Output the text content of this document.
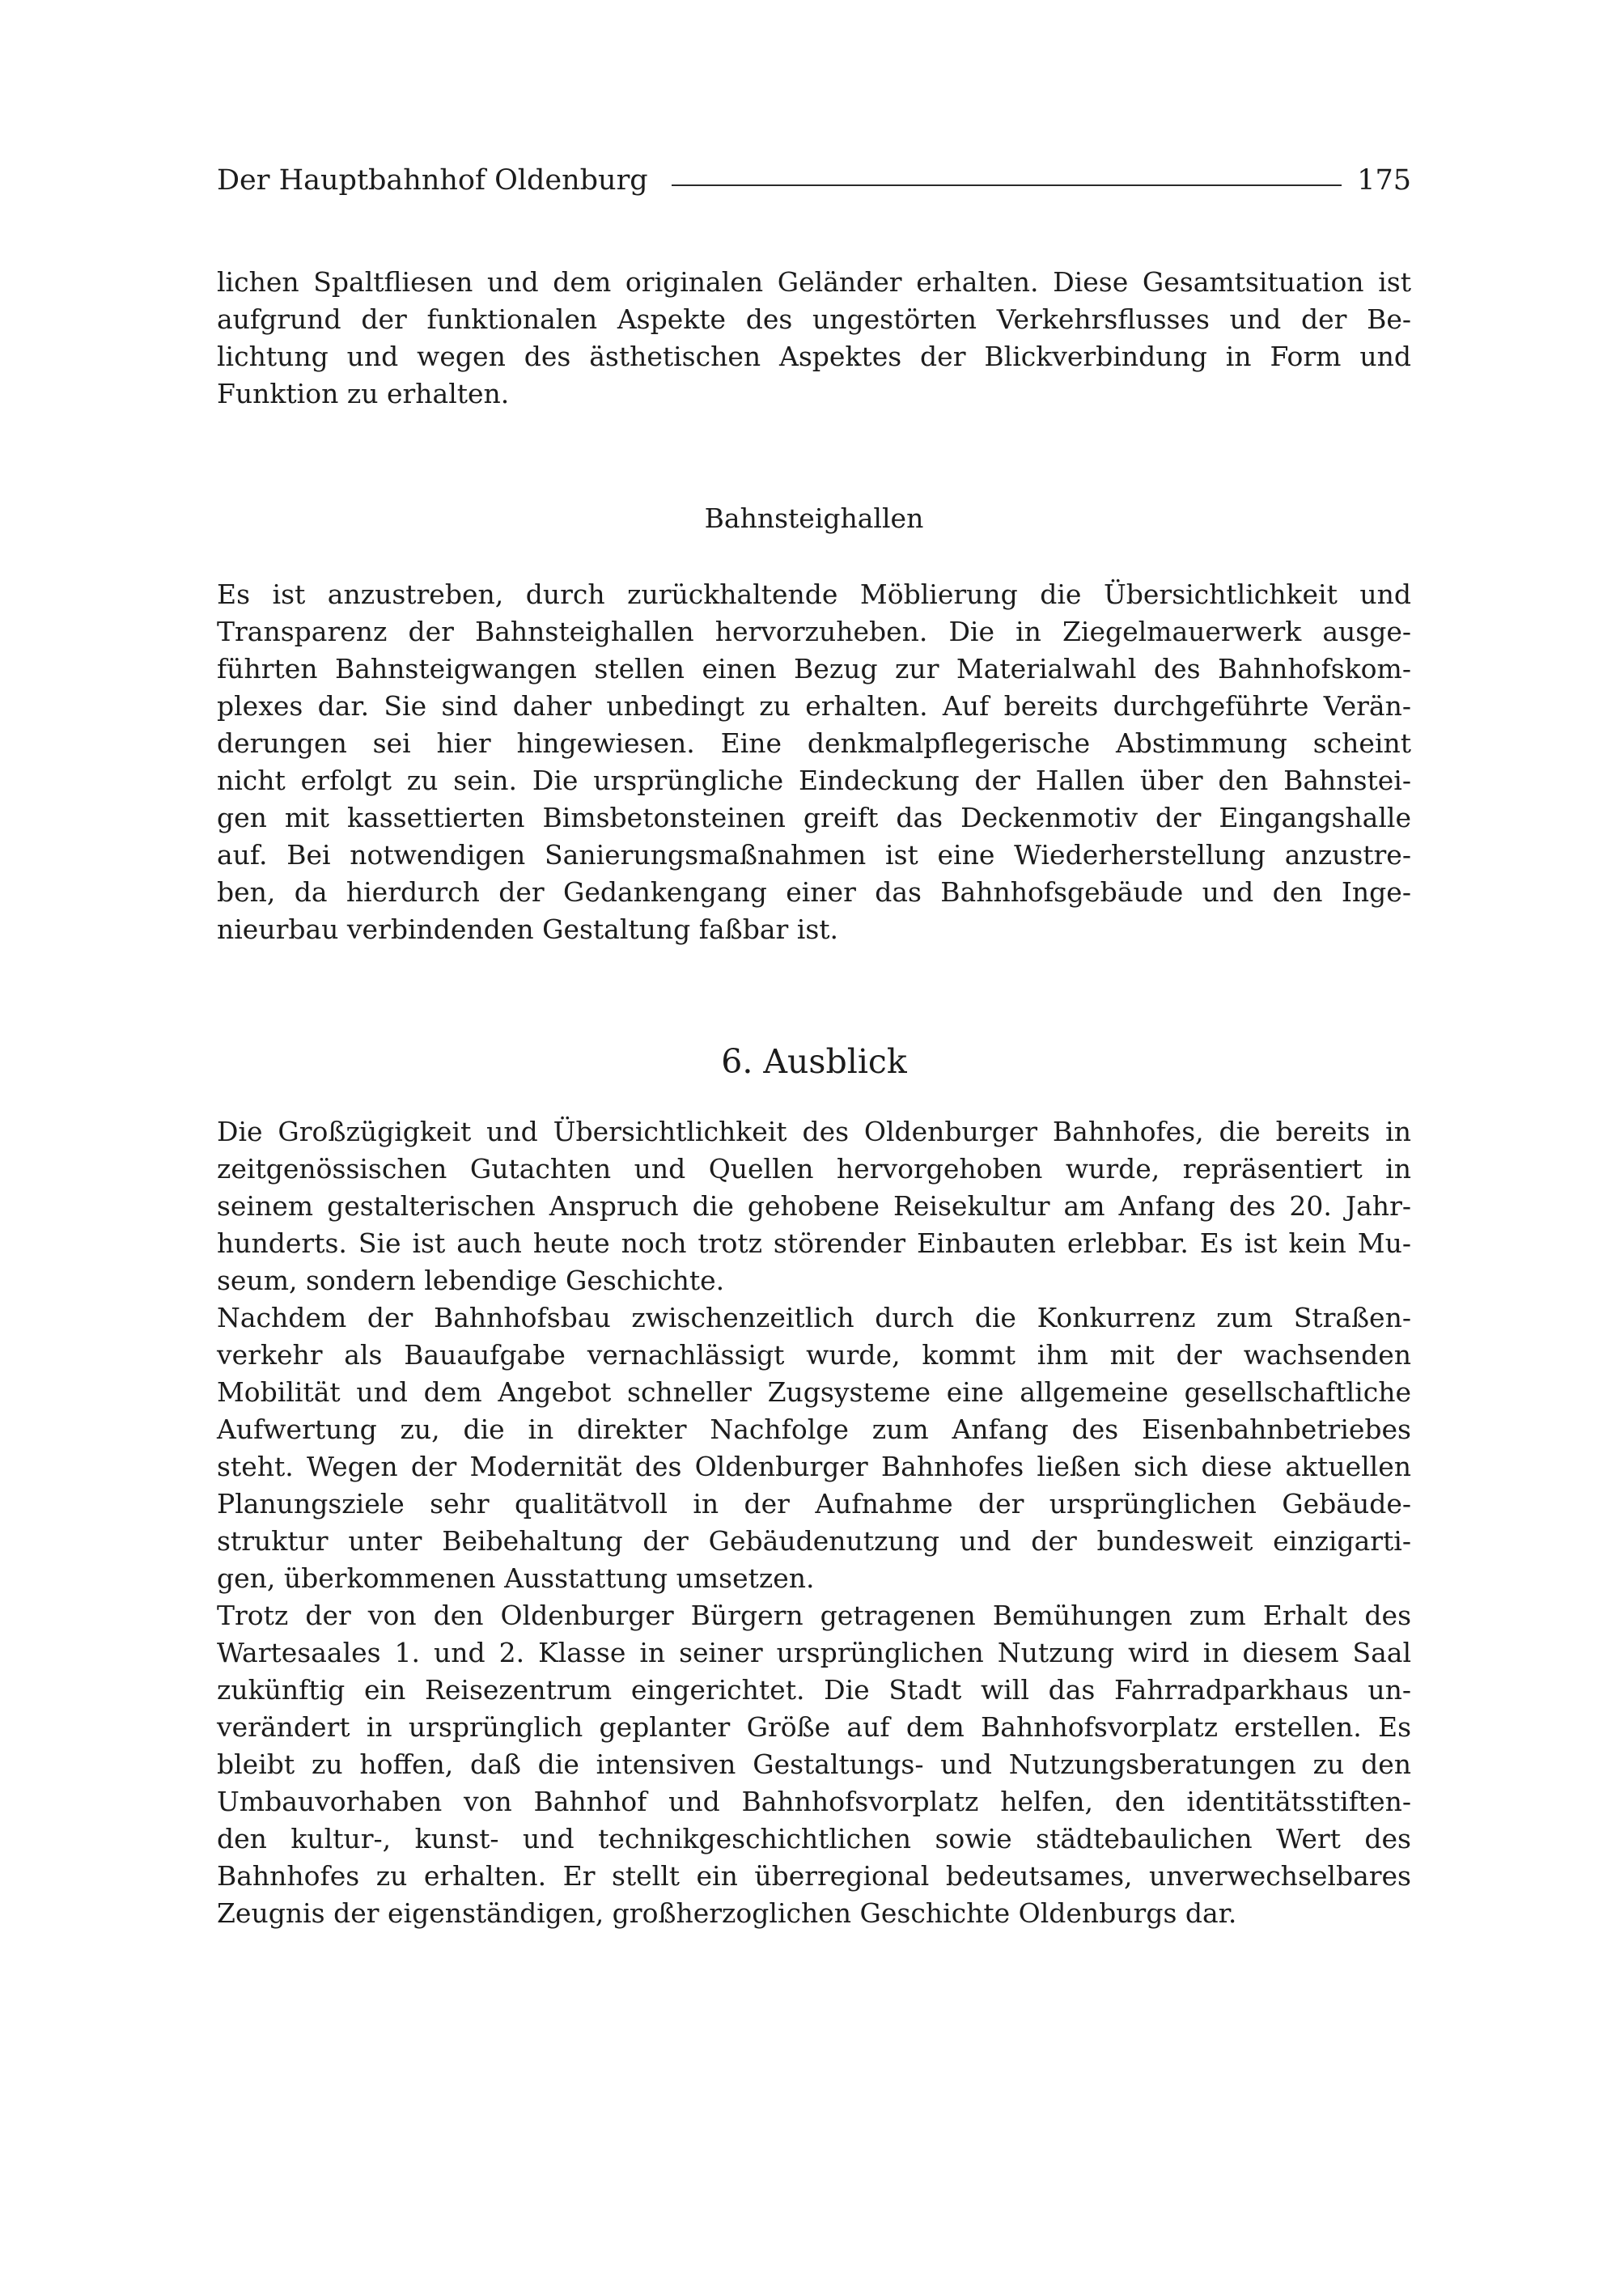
Der Hauptbahnhof Oldenburg	175
lichen Spaltfliesen und dem originalen Geländer erhalten. Diese Gesamtsituation ist
aufgrund der funktionalen Aspekte des ungestörten Verkehrsflusses und der Be-
lichtung und wegen des ästhetischen Aspektes der Blickverbindung in Form und
Funktion zu erhalten.
Bahnsteighallen
Es ist anzustreben, durch zurückhaltende Möblierung die Übersichtlichkeit und
Transparenz der Bahnsteighallen hervorzuheben. Die in Ziegelmauerwerk ausge-
führten Bahnsteigwangen stellen einen Bezug zur Materialwahl des Bahnhofskom-
plexes dar. Sie sind daher unbedingt zu erhalten. Auf bereits durchgeführte Verän-
derungen sei hier hingewiesen. Eine denkmalpflegerische Abstimmung scheint
nicht erfolgt zu sein. Die ursprüngliche Eindeckung der Hallen über den Bahnstei-
gen mit kassettierten Bimsbetonsteinen greift das Deckenmotiv der Eingangshalle
auf. Bei notwendigen Sanierungsmaßnahmen ist eine Wiederherstellung anzustre-
ben, da hierdurch der Gedankengang einer das Bahnhofsgebäude und den Inge-
nieurbau verbindenden Gestaltung faßbar ist.
6. Ausblick
Die Großzügigkeit und Übersichtlichkeit des Oldenburger Bahnhofes, die bereits in
zeitgenössischen Gutachten und Quellen hervorgehoben wurde, repräsentiert in
seinem gestalterischen Anspruch die gehobene Reisekultur am Anfang des 20. Jahr-
hunderts. Sie ist auch heute noch trotz störender Einbauten erlebbar. Es ist kein Mu-
seum, sondern lebendige Geschichte.
Nachdem der Bahnhofsbau zwischenzeitlich durch die Konkurrenz zum Straßen-
verkehr als Bauaufgabe vernachlässigt wurde, kommt ihm mit der wachsenden
Mobilität und dem Angebot schneller Zugsysteme eine allgemeine gesellschaftliche
Aufwertung zu, die in direkter Nachfolge zum Anfang des Eisenbahnbetriebes
steht. Wegen der Modernität des Oldenburger Bahnhofes ließen sich diese aktuellen
Planungsziele sehr qualitätvoll in der Aufnahme der ursprünglichen Gebäude-
struktur unter Beibehaltung der Gebäudenutzung und der bundesweit einzigarti-
gen, überkommenen Ausstattung umsetzen.
Trotz der von den Oldenburger Bürgern getragenen Bemühungen zum Erhalt des
Wartesaales 1. und 2. Klasse in seiner ursprünglichen Nutzung wird in diesem Saal
zukünftig ein Reisezentrum eingerichtet. Die Stadt will das Fahrradparkhaus un-
verändert in ursprünglich geplanter Größe auf dem Bahnhofsvorplatz erstellen. Es
bleibt zu hoffen, daß die intensiven Gestaltungs- und Nutzungsberatungen zu den
Umbauvorhaben von Bahnhof und Bahnhofsvorplatz helfen, den identitätsstiften-
den kultur-, kunst- und technikgeschichtlichen sowie städtebaulichen Wert des
Bahnhofes zu erhalten. Er stellt ein überregional bedeutsames, unverwechselbares
Zeugnis der eigenständigen, großherzoglichen Geschichte Oldenburgs dar.
